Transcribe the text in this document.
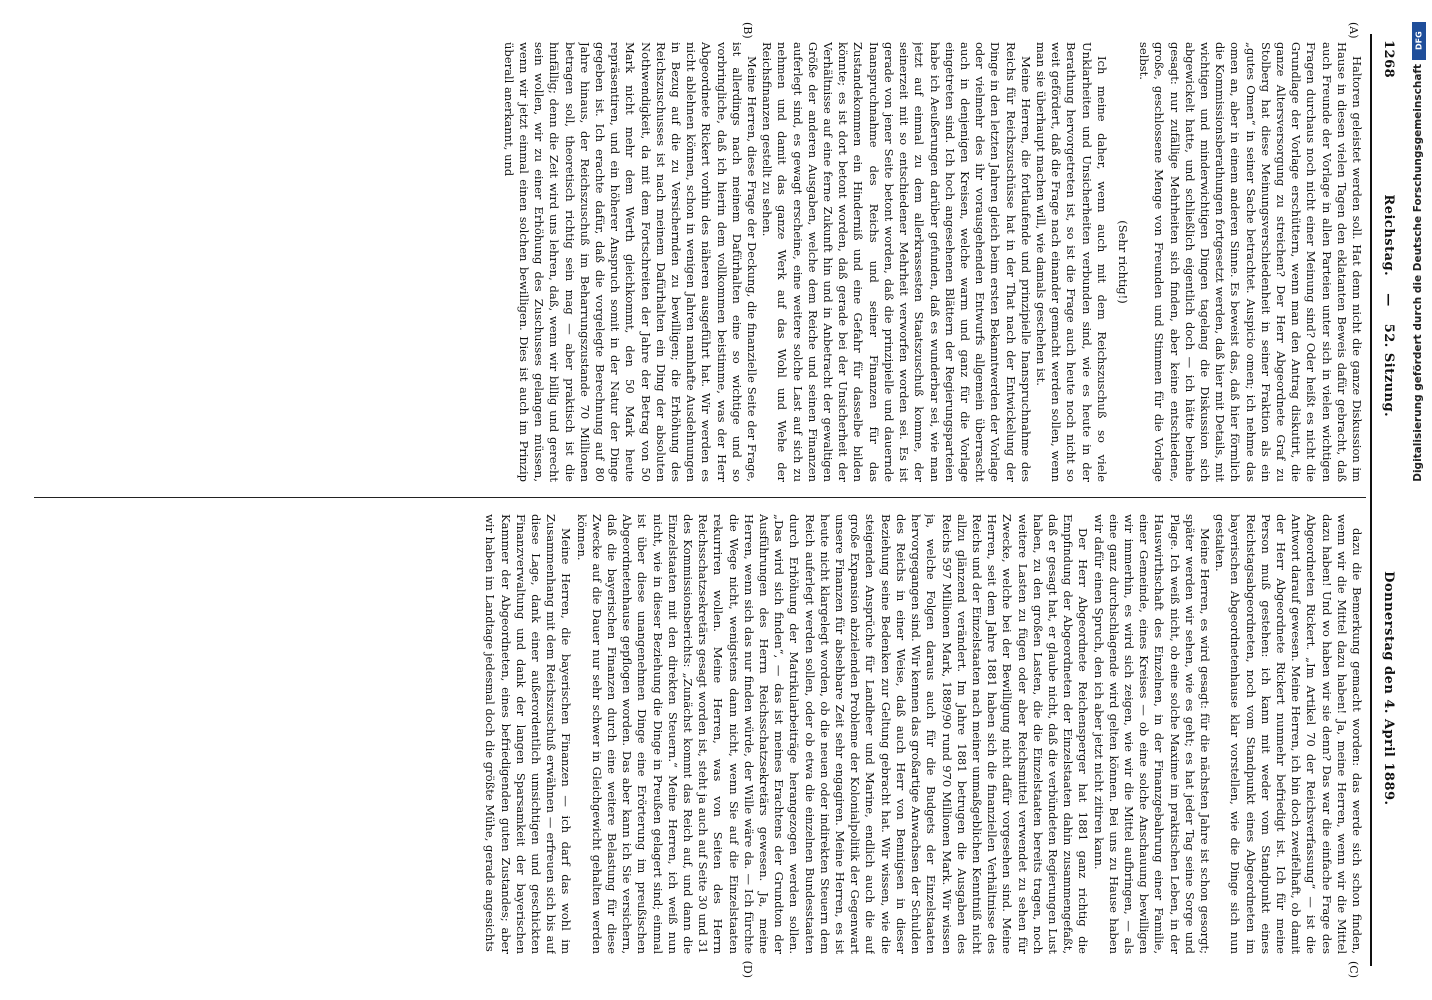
1268
Reichstag. — 52. Sitzung.  Donnerstag den 4. April 1889.
(A)
(B)
(C)
(D)

Haltoren geleistet werden soll. Hat denn nicht die ganze Diskussion im Hause in diesen vielen Tagen den eklatanten Beweis dafür gebracht, daß auch Freunde der Vorlage in allen Parteien unter sich in vielen wichtigen Fragen durchaus noch nicht einer Meinung sind? Oder heißt es nicht die Grundlage der Vorlage erschüttern, wenn man den Antrag diskutirt, die ganze Altersversorgung zu streichen? Der Herr Abgeordnete Graf zu Stolberg hat diese Meinungsverschiedenheit in seiner Fraktion als ein „gutes Omen“ in seiner Sache betrachtet. Auspicio omen; ich nehme das omen an, aber in einem anderen Sinne. Es beweist das, daß hier förmlich die Kommissionsberathungen fortgesetzt werden, daß hier mit Details, mit wichtigen und minderwichtigen Dingen tagelang die Diskussion sich abgewickelt hatte, und schließlich eigentlich doch — ich hätte beinahe gesagt: nur zufällige Mehrheiten sich finden, aber keine entschiedene, große, geschlossene Menge von Freunden und Stimmen für die Vorlage selbst.

(Sehr richtig!)

Ich meine daher, wenn auch mit dem Reichszuschuß so viele Unklarheiten und Unsicherheiten verbunden sind, wie es heute in der Berathung hervorgetreten ist, so ist die Frage auch heute noch nicht so weit gefördert, daß die Frage nach einander gemacht werden sollen, wenn man sie überhaupt machen will, wie damals geschehen ist.

Meine Herren, die fortlaufende und prinzipielle Inanspruchnahme des Reichs für Reichszuschüsse hat in der That nach der Entwickelung der Dinge in den letzten Jahren gleich beim ersten Bekanntwerden der Vorlage oder vielmehr des ihr vorausgehenden Entwurfs allgemein überrascht auch in denjenigen Kreisen, welche warm und ganz für die Vorlage eingetreten sind. Ich hoch angesehenen Blättern der Regierungsparteien habe ich Aeußerungen darüber gefunden, daß es wunderbar sei, wie man jetzt auf einmal zu dem allerkrassesten Staatszuschuß komme, der seinerzeit mit so entschiedener Mehrheit verworfen worden sei. Es ist gerade von jener Seite betont worden, daß die prinzipielle und dauernde Inanspruchnahme des Reichs und seiner Finanzen für das Zustandekommen ein Hinderniß und eine Gefahr für dasselbe bilden könnte; es ist dort betont worden, daß gerade bei der Unsicherheit der Verhältnisse auf eine ferne Zukunft hin und in Anbetracht der gewaltigen Größe der anderen Ausgaben, welche dem Reiche und seinen Finanzen auferlegt sind, es gewagt erscheine, eine weitere solche Last auf sich zu nehmen und damit das ganze Werk auf das Wohl und Wehe der Reichsfinanzen gestellt zu sehen.

Meine Herren, diese Frage der Deckung, die finanzielle Seite der Frage, ist allerdings nach meinem Dafürhalten eine so wichtige und so vorbringliche, daß ich hierin dem vollkommen beistimme, was der Herr Abgeordnete Rickert vorhin des näheren ausgeführt hat. Wir werden es nicht ablehnen können, schon in wenigen Jahren namhafte Ausdehnungen in Bezug auf die zu Versichernden zu bewilligen; die Erhöhung des Reichszuschusses ist nach meinem Dafürhalten ein Ding der absoluten Nothwendigkeit, da mit dem Fortschreiten der Jahre der Betrag von 50 Mark nicht mehr dem Werth gleichkommt, den 50 Mark heute repräsentiren, und ein höherer Anspruch somit in der Natur der Dinge gegeben ist. Ich erachte dafür, daß die vorgelegte Berechnung auf 80 Jahre hinaus, der Reichszuschuß im Beharrungszustande 70 Millionen betragen soll, theoretisch richtig sein mag — aber praktisch ist die hinfällig; denn die Zeit wird uns lehren, daß, wenn wir billig und gerecht sein wollen, wir zu einer Erhöhung des Zuschusses gelangen müssen, wenn wir jetzt einmal einen solchen bewilligen. Dies ist auch im Prinzip überall anerkannt, und

dazu die Bemerkung gemacht worden: das werde sich schon finden, wenn wir die Mittel dazu haben! Ja, meine Herren, wenn wir die Mittel dazu haben! Und wo haben wir sie denn? Das war die einfache Frage des Abgeordneten Rickert. „Im Artikel 70 der Reichsverfassung“ — ist die Antwort darauf gewesen. Meine Herren, ich bin doch zweifelhaft, ob damit der Herr Abgeordnete Rickert nunmehr befriedigt ist. Ich für meine Person muß gestehen: ich kann mit weder vom Standpunkt eines Reichstagsabgeordneten, noch vom Standpunkt eines Abgeordneten im bayerischen Abgeordnetenhause klar vorstellen, wie die Dinge sich nun gestalten.

Meine Herren, es wird gesagt: für die nächsten Jahre ist schon gesorgt; später werden wir sehen, wie es geht; es hat jeder Tag seine Sorge und Plage. Ich weiß nicht, ob eine solche Maxime im praktischen Leben, in der Hauswirthschaft des Einzelnen, in der Finanzgebahrung einer Familie, einer Gemeinde, eines Kreises — ob eine solche Anschauung bewilligen wir immerhin, es wird sich zeigen, wie wir die Mittel aufbringen, — als eine ganz durchschlagende wird gelten können. Bei uns zu Hause haben wir dafür einen Spruch, den ich aber jetzt nicht zitiren kann.

Der Herr Abgeordnete Reichensperger hat 1881 ganz richtig die Empfindung der Abgeordneten der Einzelstaaten dahin zusammengefaßt, daß er gesagt hat, er glaube nicht, daß die verbündeten Regierungen Lust haben, zu den großen Lasten, die die Einzelstaaten bereits tragen, noch weitere Lasten zu fügen oder aber Reichsmittel verwendet zu sehen für Zwecke, welche bei der Bewilligung nicht dafür vorgesehen sind. Meine Herren, seit dem Jahre 1881 haben sich die finanziellen Verhältnisse des Reichs und der Einzelstaaten nach meiner unmaßgeblichen Kenntniß nicht allzu glänzend verändert. Im Jahre 1881 betrugen die Ausgaben des Reichs 597 Millionen Mark, 1889/90 rund 970 Millionen Mark. Wir wissen ja, welche Folgen daraus auch für die Budgets der Einzelstaaten hervorgegangen sind. Wir kennen das großartige Anwachsen der Schulden des Reichs in einer Weise, daß auch Herr von Bennigsen in dieser Beziehung seine Bedenken zur Geltung gebracht hat. Wir wissen, wie die steigenden Ansprüche für Landheer und Marine, endlich auch die auf große Expansion abzielenden Probleme der Kolonialpolitik der Gegenwart unsere Finanzen für absehbare Zeit sehr engagiren. Meine Herren, es ist heute nicht klargelegt worden, ob die neuen oder indirekten Steuern dem Reich auferlegt werden sollen, oder ob etwa die einzelnen Bundesstaaten durch Erhöhung der Matrikularbeiträge herangezogen werden sollen. „Das wird sich finden“, — das ist meines Erachtens der Grundton der Ausführungen des Herrn Reichsschatzsekretärs gewesen. Ja, meine Herren, wenn sich das nur finden würde, der Wille wäre da. — Ich fürchte die Wege nicht, wenigstens dann nicht, wenn Sie auf die Einzelstaaten rekurriren wollen. Meine Herren, was von Seiten des Herrn Reichsschatzsekretärs gesagt worden ist, steht ja auch auf Seite 30 und 31 des Kommissionsberichts: „Zunächst kommt das Reich auf, und dann die Einzelstaaten mit den direkten Steuern.“ Meine Herren, ich weiß nun nicht, wie in dieser Beziehung die Dinge in Preußen gelagert sind; einmal ist über diese unangenehmen Dinge eine Erörterung im preußischen Abgeordnetenhause gepflogen worden. Das aber kann ich Sie versichern, daß die bayerischen Finanzen durch eine weitere Belastung für diese Zwecke auf die Dauer nur sehr schwer in Gleichgewicht gehalten werden können.

Meine Herren, die bayerischen Finanzen — ich darf das wohl im Zusammenhang mit dem Reichszuschuß erwähnen — erfreuen sich bis auf diese Lage, dank einer außerordentlich umsichtigen und geschickten Finanzverwaltung und dank der langen Sparsamkeit der bayerischen Kammer der Abgeordneten, eines befriedigenden guten Zustandes; aber wir haben im Landtage jedesmal doch die größte Mühe, gerade angesichts

DFG
Digitalisierung gefördert durch die Deutsche Forschungsgemeinschaft
